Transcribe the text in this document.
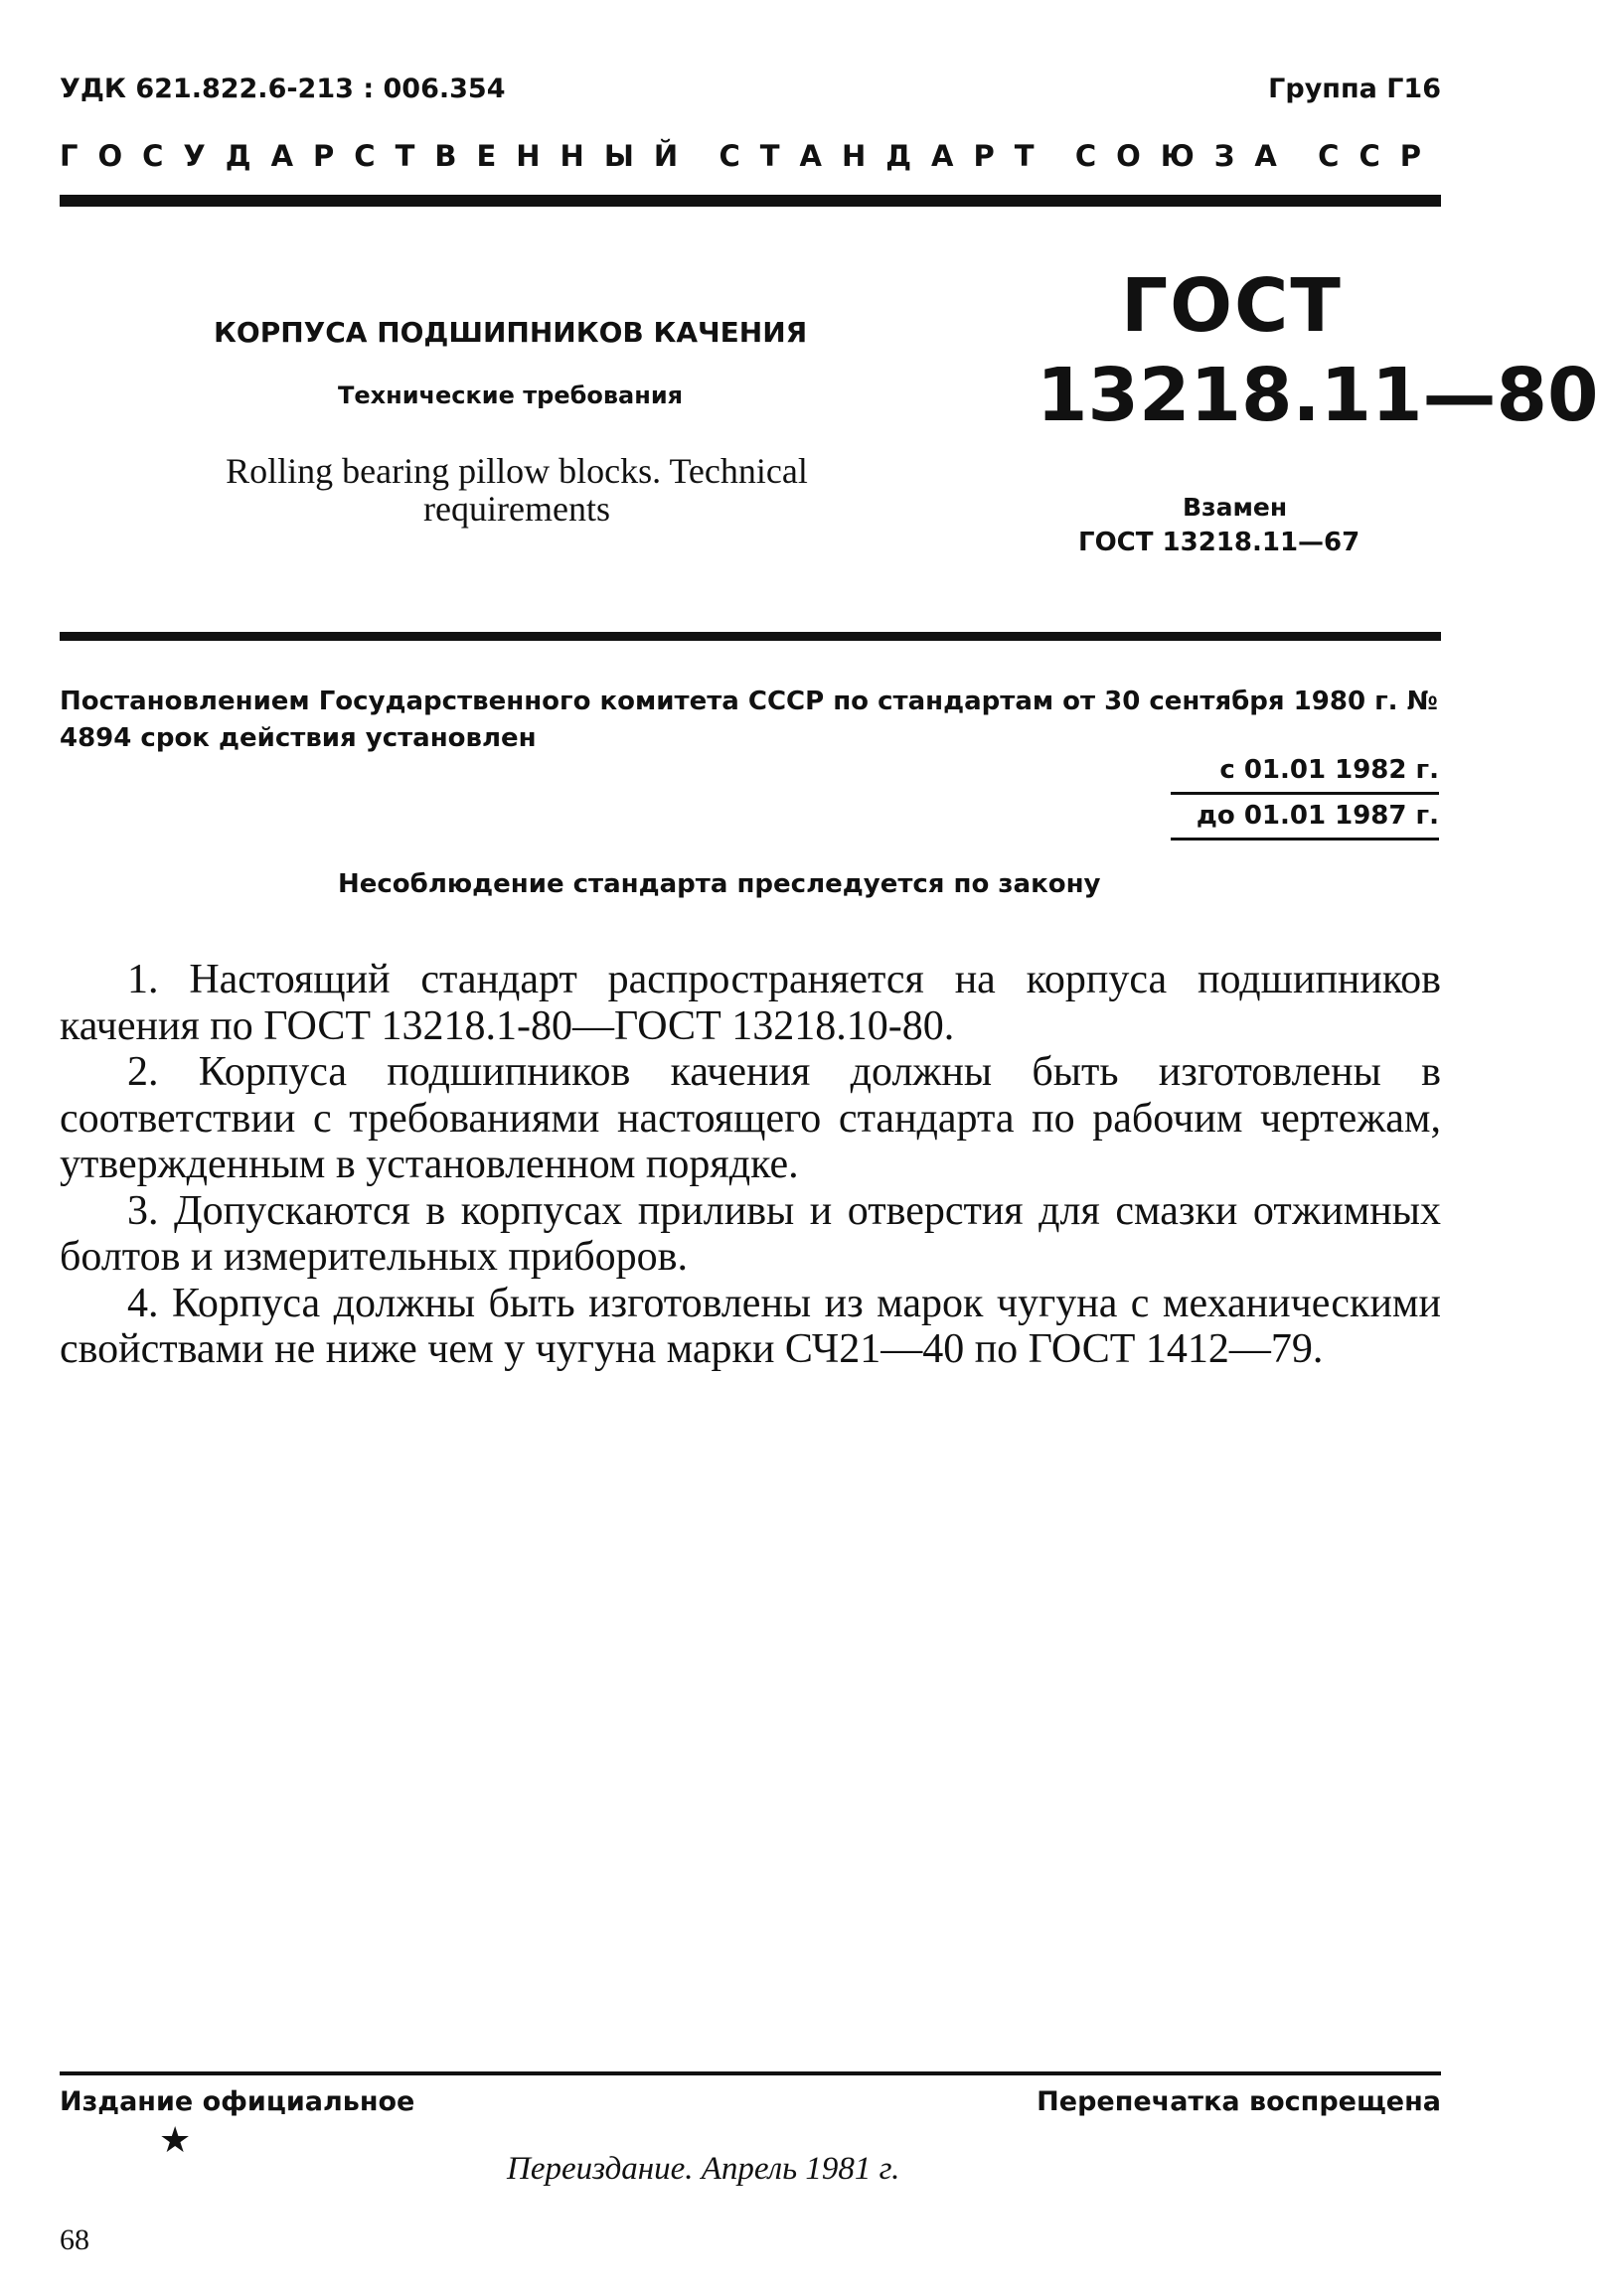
УДК 621.822.6-213 : 006.354	Группа Г16
ГОСУДАРСТВЕННЫЙ СТАНДАРТ СОЮЗА ССР
КОРПУСА ПОДШИПНИКОВ КАЧЕНИЯ
Технические требования
Rolling bearing pillow blocks. Technical requirements
ГОСТ
13218.11—80
Взамен
ГОСТ 13218.11—67
Постановлением Государственного комитета СССР по стандартам от 30 сентября 1980 г. № 4894 срок действия установлен
с 01.01 1982 г.
до 01.01 1987 г.
Несоблюдение стандарта преследуется по закону

1. Настоящий стандарт распространяется на корпуса подшипников качения по ГОСТ 13218.1-80—ГОСТ 13218.10-80.

2. Корпуса подшипников качения должны быть изготовлены в соответствии с требованиями настоящего стандарта по рабочим чертежам, утвержденным в установленном порядке.

3. Допускаются в корпусах приливы и отверстия для смазки отжимных болтов и измерительных приборов.

4. Корпуса должны быть изготовлены из марок чугуна с механическими свойствами не ниже чем у чугуна марки СЧ21—40 по ГОСТ 1412—79.

Издание официальное	Перепечатка воспрещена
★
Переиздание. Апрель 1981 г.
68
